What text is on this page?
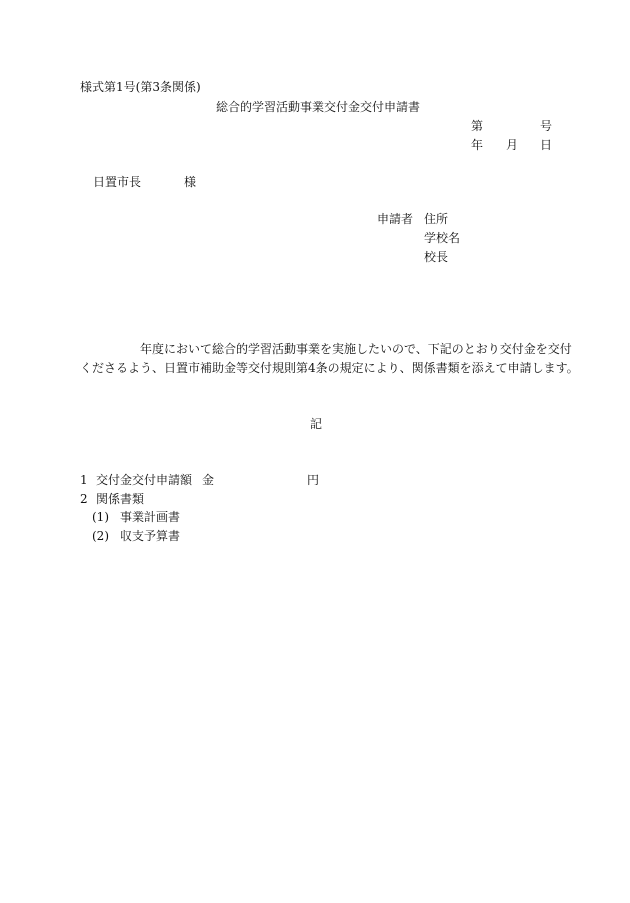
様式第1号(第3条関係)
総合的学習活動事業交付金交付申請書
第	号
年 月 日
日置市長	様
申請者 住所
学校名
校長
年度において総合的学習活動事業を実施したいので、下記のとおり交付金を交付
くださるよう、日置市補助金等交付規則第4条の規定により、関係書類を添えて申請します。
記
1 交付金交付申請額 金	円
2 関係書類
(1) 事業計画書
(2) 収支予算書
